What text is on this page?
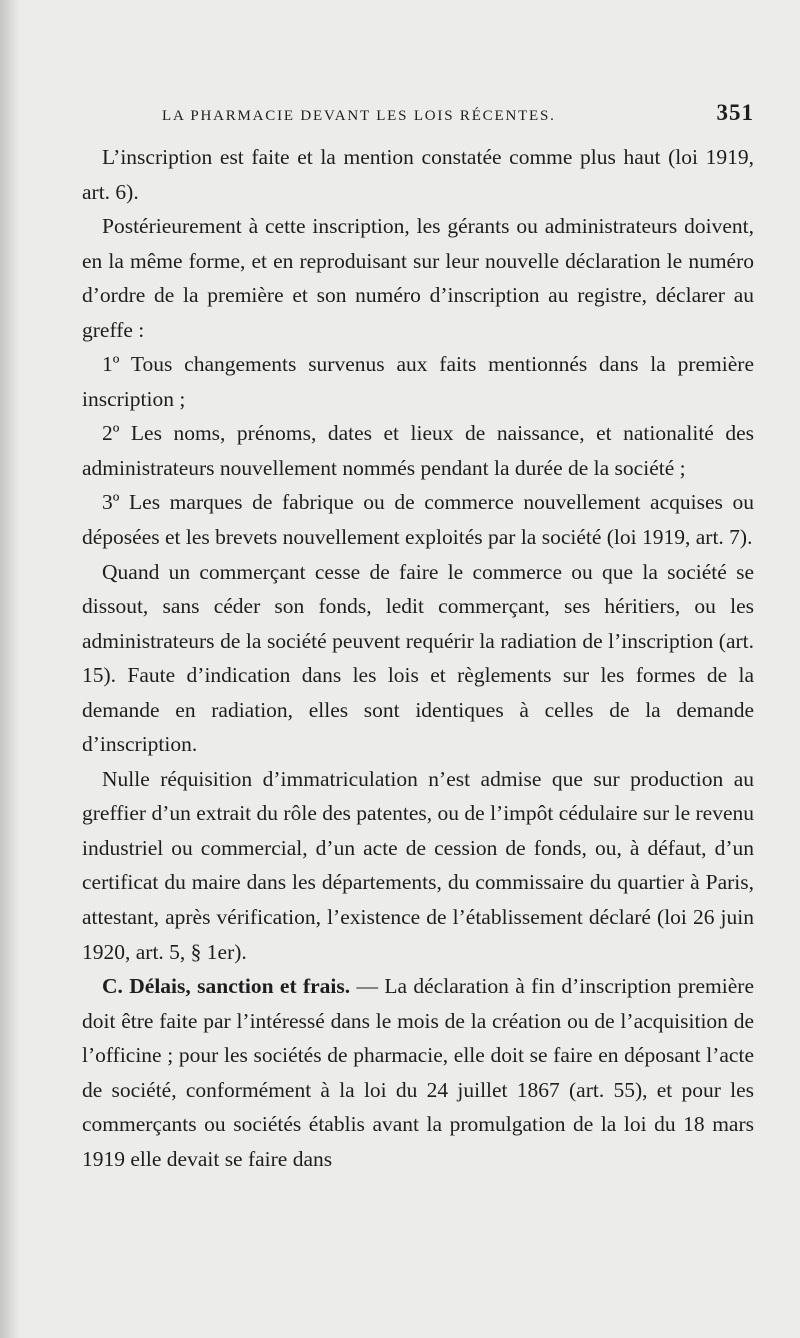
LA PHARMACIE DEVANT LES LOIS RÉCENTES.	351

L’inscription est faite et la mention constatée comme plus haut (loi 1919, art. 6).

Postérieurement à cette inscription, les gérants ou administrateurs doivent, en la même forme, et en reproduisant sur leur nouvelle déclaration le numéro d’ordre de la première et son numéro d’inscription au registre, déclarer au greffe :

1º Tous changements survenus aux faits mentionnés dans la première inscription ;

2º Les noms, prénoms, dates et lieux de naissance, et nationalité des administrateurs nouvellement nommés pendant la durée de la société ;

3º Les marques de fabrique ou de commerce nouvellement acquises ou déposées et les brevets nouvellement exploités par la société (loi 1919, art. 7).

Quand un commerçant cesse de faire le commerce ou que la société se dissout, sans céder son fonds, ledit commerçant, ses héritiers, ou les administrateurs de la société peuvent requérir la radiation de l’inscription (art. 15). Faute d’indication dans les lois et règlements sur les formes de la demande en radiation, elles sont identiques à celles de la demande d’inscription.

Nulle réquisition d’immatriculation n’est admise que sur production au greffier d’un extrait du rôle des patentes, ou de l’impôt cédulaire sur le revenu industriel ou commercial, d’un acte de cession de fonds, ou, à défaut, d’un certificat du maire dans les départements, du commissaire du quartier à Paris, attestant, après vérification, l’existence de l’établissement déclaré (loi 26 juin 1920, art. 5, § 1er).

C. Délais, sanction et frais. — La déclaration à fin d’inscription première doit être faite par l’intéressé dans le mois de la création ou de l’acquisition de l’officine ; pour les sociétés de pharmacie, elle doit se faire en déposant l’acte de société, conformément à la loi du 24 juillet 1867 (art. 55), et pour les commerçants ou sociétés établis avant la promulgation de la loi du 18 mars 1919 elle devait se faire dans
